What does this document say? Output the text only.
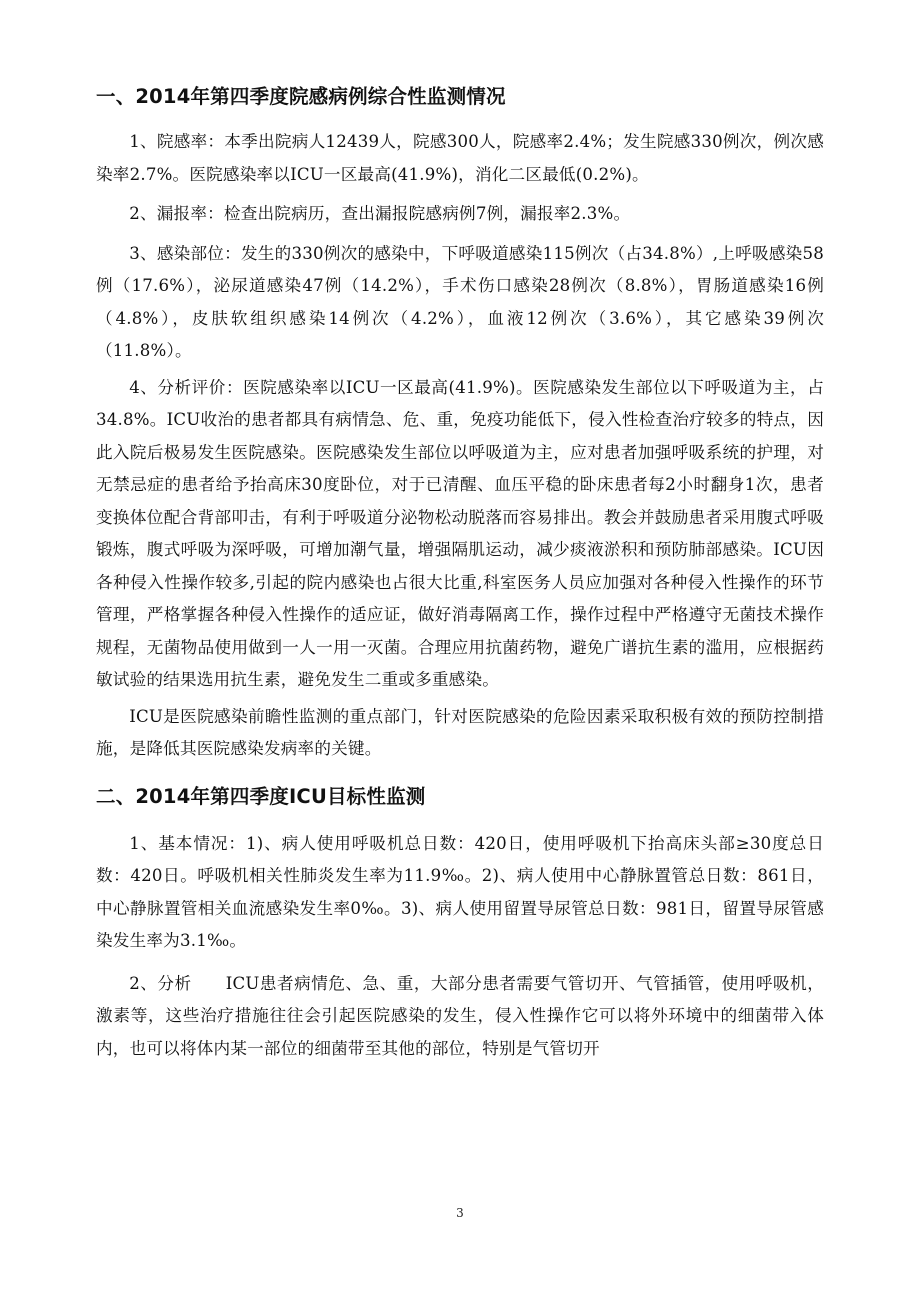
一、2014年第四季度院感病例综合性监测情况

1、院感率：本季出院病人12439人，院感300人，院感率2.4%；发生院感330例次，例次感染率2.7%。医院感染率以ICU一区最高(41.9%)，消化二区最低(0.2%)。

2、漏报率：检查出院病历，查出漏报院感病例7例，漏报率2.3%。

3、感染部位：发生的330例次的感染中，下呼吸道感染115例次（占34.8%）,上呼吸感染58例（17.6%），泌尿道感染47例（14.2%），手术伤口感染28例次（8.8%），胃肠道感染16例（4.8%），皮肤软组织感染14例次（4.2%），血液12例次（3.6%），其它感染39例次（11.8%）。

4、分析评价：医院感染率以ICU一区最高(41.9%)。医院感染发生部位以下呼吸道为主，占34.8%。ICU收治的患者都具有病情急、危、重，免疫功能低下，侵入性检查治疗较多的特点，因此入院后极易发生医院感染。医院感染发生部位以呼吸道为主，应对患者加强呼吸系统的护理，对无禁忌症的患者给予抬高床30度卧位，对于已清醒、血压平稳的卧床患者每2小时翻身1次，患者变换体位配合背部叩击，有利于呼吸道分泌物松动脱落而容易排出。教会并鼓励患者采用腹式呼吸锻炼，腹式呼吸为深呼吸，可增加潮气量，增强隔肌运动，减少痰液淤积和预防肺部感染。ICU因各种侵入性操作较多,引起的院内感染也占很大比重,科室医务人员应加强对各种侵入性操作的环节管理，严格掌握各种侵入性操作的适应证，做好消毒隔离工作，操作过程中严格遵守无菌技术操作规程，无菌物品使用做到一人一用一灭菌。合理应用抗菌药物，避免广谱抗生素的滥用，应根据药敏试验的结果选用抗生素，避免发生二重或多重感染。

ICU是医院感染前瞻性监测的重点部门，针对医院感染的危险因素采取积极有效的预防控制措施，是降低其医院感染发病率的关键。

二、2014年第四季度ICU目标性监测

1、基本情况：1)、病人使用呼吸机总日数：420日，使用呼吸机下抬高床头部≥30度总日数：420日。呼吸机相关性肺炎发生率为11.9‰。2)、病人使用中心静脉置管总日数：861日，中心静脉置管相关血流感染发生率0‰。3)、病人使用留置导尿管总日数：981日，留置导尿管感染发生率为3.1‰。

2、分析　　ICU患者病情危、急、重，大部分患者需要气管切开、气管插管，使用呼吸机，激素等，这些治疗措施往往会引起医院感染的发生，侵入性操作它可以将外环境中的细菌带入体内，也可以将体内某一部位的细菌带至其他的部位，特别是气管切开

3
